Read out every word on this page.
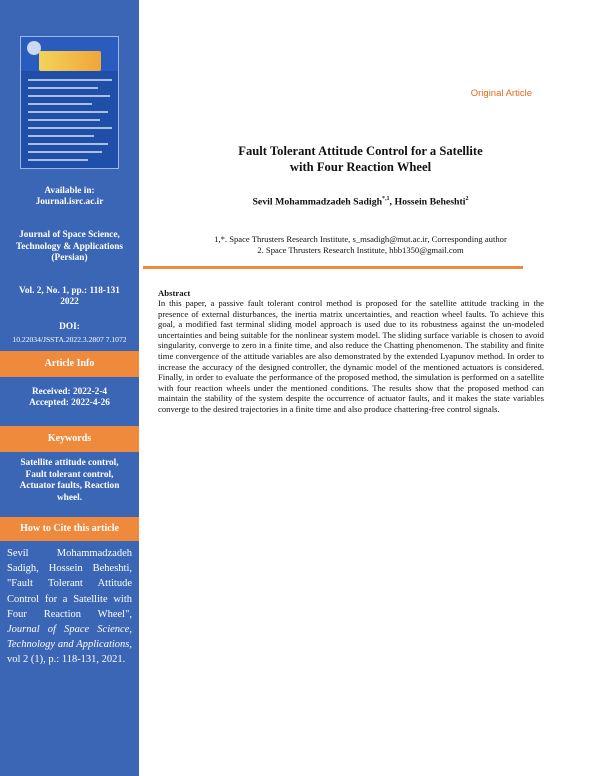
Available in:
Journal.isrc.ac.ir
Journal of Space Science, Technology & Applications (Persian)
Vol. 2, No. 1, pp.: 118-131
2022
DOI:
10.22034/JSSTA.2022.3.2807 7.1072
Article Info
Received: 2022-2-4
Accepted: 2022-4-26
Keywords
Satellite attitude control, Fault tolerant control, Actuator faults, Reaction wheel.
How to Cite this article
Sevil Mohammadzadeh Sadigh, Hossein Beheshti, "Fault Tolerant Attitude Control for a Satellite with Four Reaction Wheel", Journal of Space Science, Technology and Applications, vol 2 (1), p.: 118-131, 2021.
Original Article
Fault Tolerant Attitude Control for a Satellite
with Four Reaction Wheel
Sevil Mohammadzadeh Sadigh$^{*,1}$, Hossein Beheshti$^2$
1,*. Space Thrusters Research Institute, s_msadigh@mut.ac.ir, Corresponding author
2. Space Thrusters Research Institute, hbb1350@gmail.com
Abstract
In this paper, a passive fault tolerant control method is proposed for the satellite attitude tracking in the presence of external disturbances, the inertia matrix uncertainties, and reaction wheel faults. To achieve this goal, a modified fast terminal sliding model approach is used due to its robustness against the un-modeled uncertainties and being suitable for the nonlinear system model. The sliding surface variable is chosen to avoid singularity, converge to zero in a finite time, and also reduce the Chatting phenomenon. The stability and finite time convergence of the attitude variables are also demonstrated by the extended Lyapunov method. In order to increase the accuracy of the designed controller, the dynamic model of the mentioned actuators is considered. Finally, in order to evaluate the performance of the proposed method, the simulation is performed on a satellite with four reaction wheels under the mentioned conditions. The results show that the proposed method can maintain the stability of the system despite the occurrence of actuator faults, and it makes the state variables converge to the desired trajectories in a finite time and also produce chattering-free control signals.
